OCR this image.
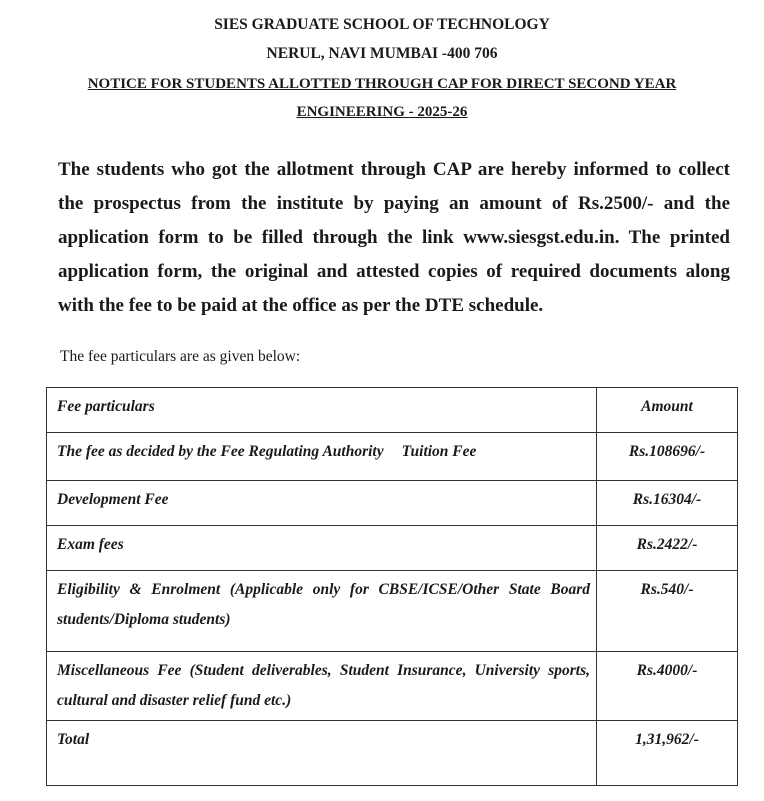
SIES GRADUATE SCHOOL OF TECHNOLOGY
NERUL, NAVI MUMBAI -400 706
NOTICE FOR STUDENTS ALLOTTED THROUGH CAP FOR DIRECT SECOND YEAR
ENGINEERING - 2025-26

The students who got the allotment through CAP are hereby informed to collect the prospectus from the institute by paying an amount of Rs.2500/- and the application form to be filled through the link www.siesgst.edu.in. The printed application form, the original and attested copies of required documents along with the fee to be paid at the office as per the DTE schedule.

The fee particulars are as given below:

Fee particulars	Amount
The fee as decided by the Fee Regulating Authority Tuition Fee	Rs.108696/-
Development Fee	Rs.16304/-
Exam fees	Rs.2422/-
Eligibility & Enrolment (Applicable only for CBSE/ICSE/Other State Board students/Diploma students)	Rs.540/-
Miscellaneous Fee (Student deliverables, Student Insurance, University sports, cultural and disaster relief fund etc.)	Rs.4000/-
Total	1,31,962/-
